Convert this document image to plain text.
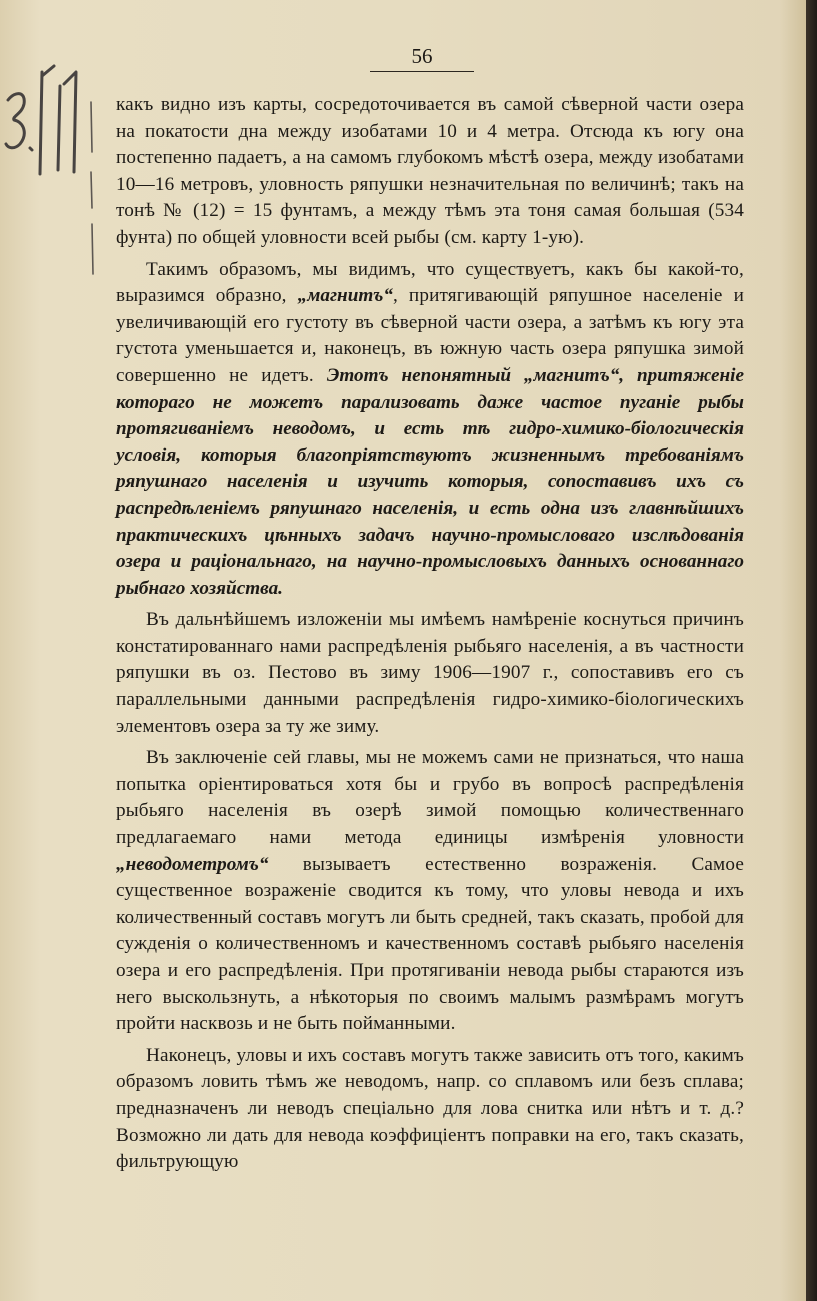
56

какъ видно изъ карты, сосредоточивается въ самой сѣверной части озера на покатости дна между изобатами 10 и 4 метра. Отсюда къ югу она постепенно падаетъ, а на самомъ глубокомъ мѣстѣ озера, между изобатами 10—16 метровъ, уловность ряпушки незначительная по величинѣ; такъ на тонѣ № (12) = 15 фунтамъ, а между тѣмъ эта тоня самая большая (534 фунта) по общей уловности всей рыбы (см. карту 1-ую).

Такимъ образомъ, мы видимъ, что существуетъ, какъ бы какой-то, выразимся образно, „магнитъ“, притягивающій ряпушное населеніе и увеличивающій его густоту въ сѣверной части озера, а затѣмъ къ югу эта густота уменьшается и, наконецъ, въ южную часть озера ряпушка зимой совершенно не идетъ. Этотъ непонятный „магнитъ“, притяженіе котораго не можетъ парализовать даже частое пуганіе рыбы протягиваніемъ неводомъ, и есть тѣ гидро-химико-біологическія условія, которыя благопріятствуютъ жизненнымъ требованіямъ ряпушнаго населенія и изучить которыя, сопоставивъ ихъ съ распредѣленіемъ ряпушнаго населенія, и есть одна изъ главнѣйшихъ практическихъ цѣнныхъ задачъ научно-промысловаго изслѣдованія озера и раціональнаго, на научно-промысловыхъ данныхъ основаннаго рыбнаго хозяйства.

Въ дальнѣйшемъ изложеніи мы имѣемъ намѣреніе коснуться причинъ констатированнаго нами распредѣленія рыбьяго населенія, а въ частности ряпушки въ оз. Пестово въ зиму 1906—1907 г., сопоставивъ его съ параллельными данными распредѣленія гидро-химико-біологическихъ элементовъ озера за ту же зиму.

Въ заключеніе сей главы, мы не можемъ сами не признаться, что наша попытка оріентироваться хотя бы и грубо въ вопросѣ распредѣленія рыбьяго населенія въ озерѣ зимой помощью количественнаго предлагаемаго нами метода единицы измѣренія уловности „неводометромъ“ вызываетъ естественно возраженія. Самое существенное возраженіе сводится къ тому, что уловы невода и ихъ количественный составъ могутъ ли быть средней, такъ сказать, пробой для сужденія о количественномъ и качественномъ составѣ рыбьяго населенія озера и его распредѣленія. При протягиваніи невода рыбы стараются изъ него выскользнуть, а нѣкоторыя по своимъ малымъ размѣрамъ могутъ пройти насквозь и не быть пойманными.

Наконецъ, уловы и ихъ составъ могутъ также зависить отъ того, какимъ образомъ ловить тѣмъ же неводомъ, напр. со сплавомъ или безъ сплава; предназначенъ ли неводъ спеціально для лова снитка или нѣтъ и т. д.? Возможно ли дать для невода коэффиціентъ поправки на его, такъ сказать, фильтрующую
